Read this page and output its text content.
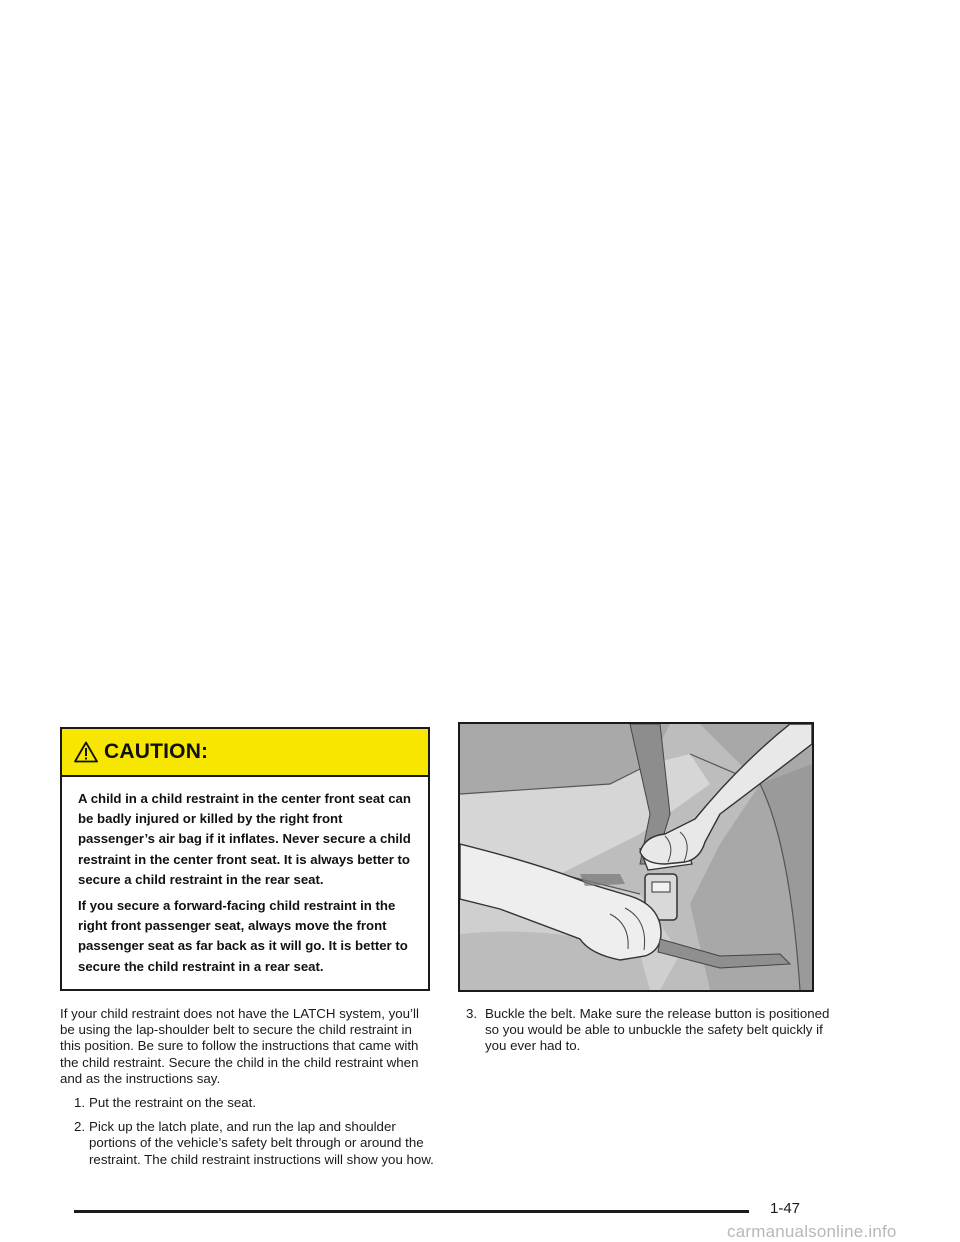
CAUTION:

A child in a child restraint in the center front seat can be badly injured or killed by the right front passenger’s air bag if it inflates. Never secure a child restraint in the center front seat. It is always better to secure a child restraint in the rear seat.

If you secure a forward-facing child restraint in the right front passenger seat, always move the front passenger seat as far back as it will go. It is better to secure the child restraint in a rear seat.

If your child restraint does not have the LATCH system, you’ll be using the lap-shoulder belt to secure the child restraint in this position. Be sure to follow the instructions that came with the child restraint. Secure the child in the child restraint when and as the instructions say.

1. Put the restraint on the seat.
2. Pick up the latch plate, and run the lap and shoulder portions of the vehicle’s safety belt through or around the restraint. The child restraint instructions will show you how.
3. Buckle the belt. Make sure the release button is positioned so you would be able to unbuckle the safety belt quickly if you ever had to.
1-47
carmanualsonline.info
